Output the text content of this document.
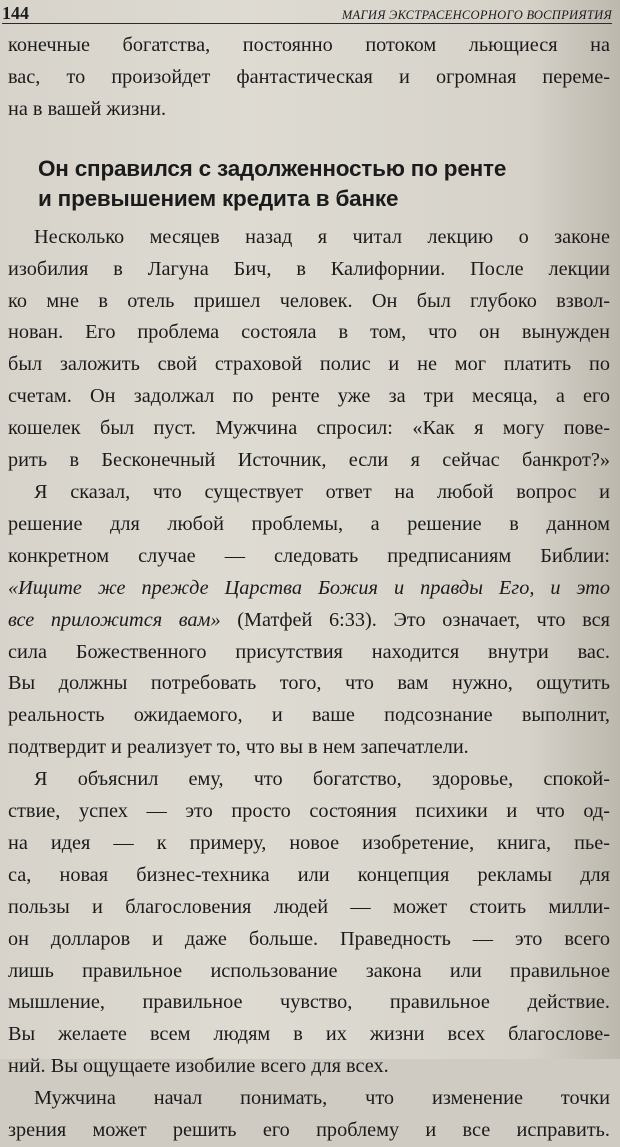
144	МАГИЯ ЭКСТРАСЕНСОРНОГО ВОСПРИЯТИЯ

конечные богатства, постоянно потоком льющиеся на
вас, то произойдет фантастическая и огромная переме-
на в вашей жизни.

Он справился с задолженностью по ренте
и превышением кредита в банке

Несколько месяцев назад я читал лекцию о законе
изобилия в Лагуна Бич, в Калифорнии. После лекции
ко мне в отель пришел человек. Он был глубоко взвол-
нован. Его проблема состояла в том, что он вынужден
был заложить свой страховой полис и не мог платить по
счетам. Он задолжал по ренте уже за три месяца, а его
кошелек был пуст. Мужчина спросил: «Как я могу пове-
рить в Бесконечный Источник, если я сейчас банкрот?»

Я сказал, что существует ответ на любой вопрос и
решение для любой проблемы, а решение в данном
конкретном случае — следовать предписаниям Библии:
«Ищите же прежде Царства Божия и правды Его, и это
все приложится вам» (Матфей 6:33). Это означает, что вся
сила Божественного присутствия находится внутри вас.
Вы должны потребовать того, что вам нужно, ощутить
реальность ожидаемого, и ваше подсознание выполнит,
подтвердит и реализует то, что вы в нем запечатлели.

Я объяснил ему, что богатство, здоровье, спокой-
ствие, успех — это просто состояния психики и что од-
на идея — к примеру, новое изобретение, книга, пье-
са, новая бизнес-техника или концепция рекламы для
пользы и благословения людей — может стоить милли-
он долларов и даже больше. Праведность — это всего
лишь правильное использование закона или правильное
мышление, правильное чувство, правильное действие.
Вы желаете всем людям в их жизни всех благослове-
ний. Вы ощущаете изобилие всего для всех.

Мужчина начал понимать, что изменение точки
зрения может решить его проблему и все исправить.
